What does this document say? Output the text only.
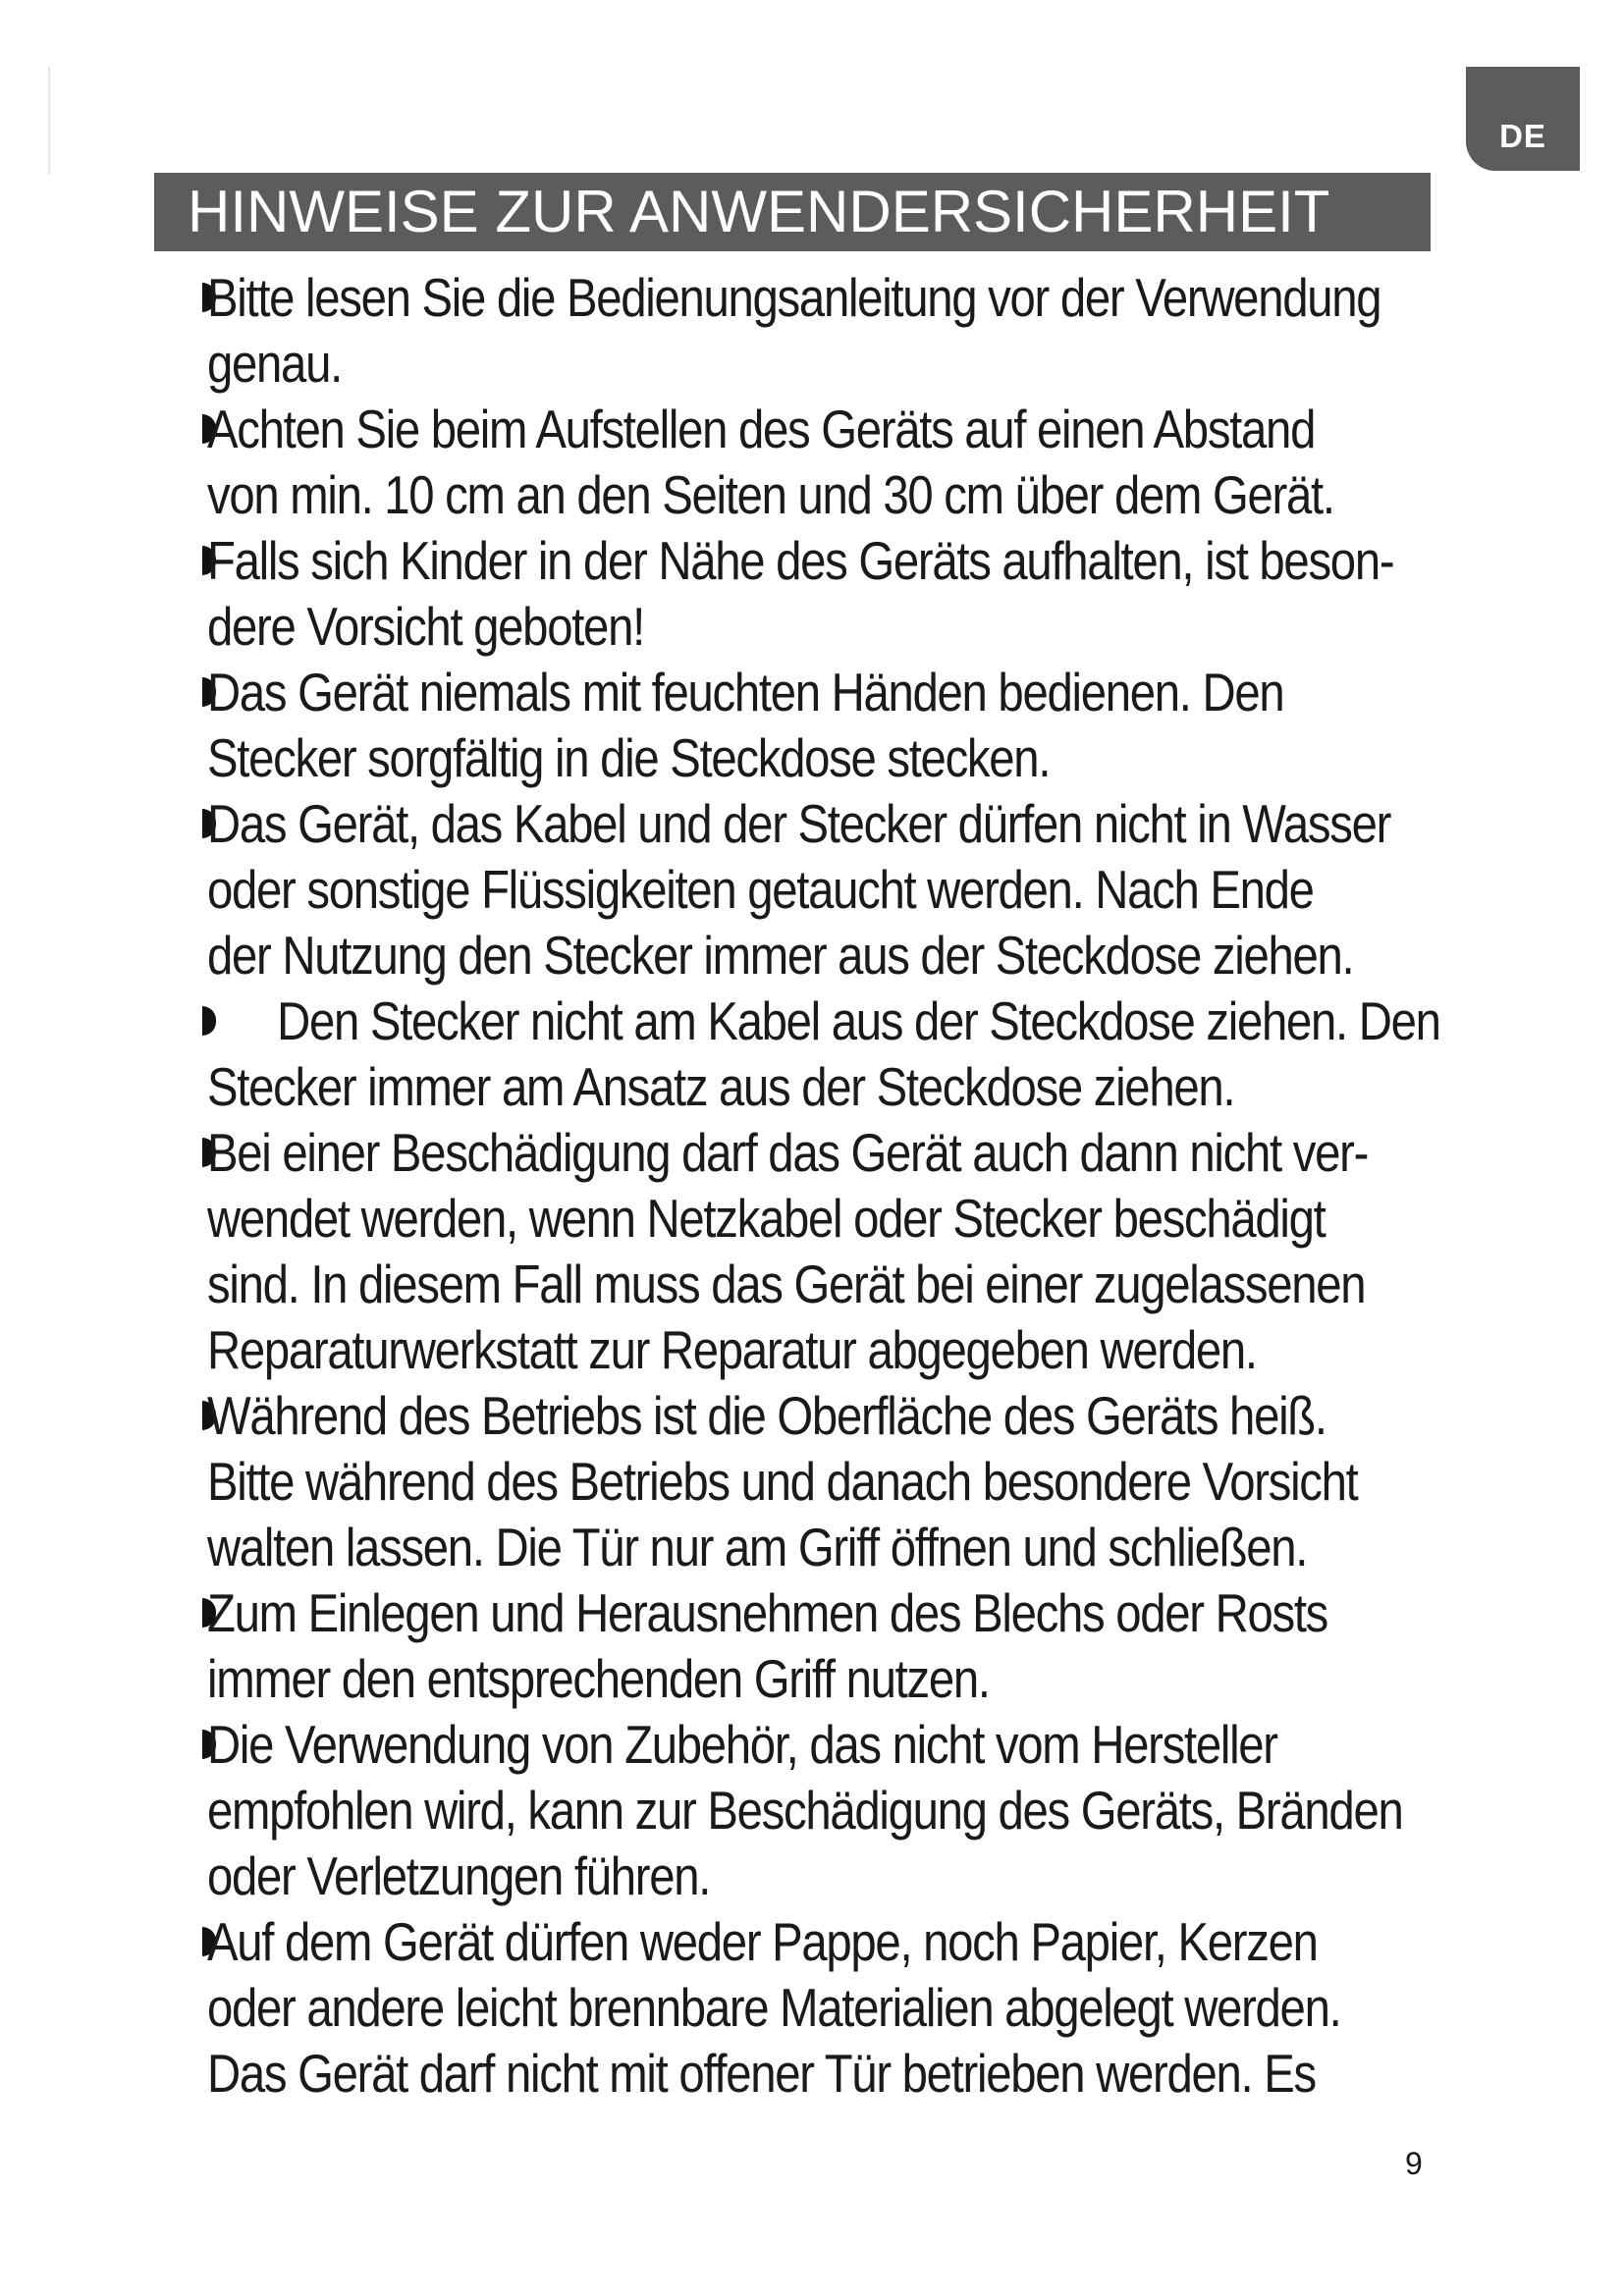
DE
HINWEISE ZUR ANWENDERSICHERHEIT
Bitte lesen Sie die Bedienungsanleitung vor der Verwendung
genau.
Achten Sie beim Aufstellen des Geräts auf einen Abstand
von min. 10 cm an den Seiten und 30 cm über dem Gerät.
Falls sich Kinder in der Nähe des Geräts aufhalten, ist beson-
dere Vorsicht geboten!
Das Gerät niemals mit feuchten Händen bedienen. Den
Stecker sorgfältig in die Steckdose stecken.
Das Gerät, das Kabel und der Stecker dürfen nicht in Wasser
oder sonstige Flüssigkeiten getaucht werden. Nach Ende
der Nutzung den Stecker immer aus der Steckdose ziehen.
Den Stecker nicht am Kabel aus der Steckdose ziehen. Den
Stecker immer am Ansatz aus der Steckdose ziehen.
Bei einer Beschädigung darf das Gerät auch dann nicht ver-
wendet werden, wenn Netzkabel oder Stecker beschädigt
sind. In diesem Fall muss das Gerät bei einer zugelassenen
Reparaturwerkstatt zur Reparatur abgegeben werden.
Während des Betriebs ist die Oberfläche des Geräts heiß.
Bitte während des Betriebs und danach besondere Vorsicht
walten lassen. Die Tür nur am Griff öffnen und schließen.
Zum Einlegen und Herausnehmen des Blechs oder Rosts
immer den entsprechenden Griff nutzen.
Die Verwendung von Zubehör, das nicht vom Hersteller
empfohlen wird, kann zur Beschädigung des Geräts, Bränden
oder Verletzungen führen.
Auf dem Gerät dürfen weder Pappe, noch Papier, Kerzen
oder andere leicht brennbare Materialien abgelegt werden.
Das Gerät darf nicht mit offener Tür betrieben werden. Es
9
